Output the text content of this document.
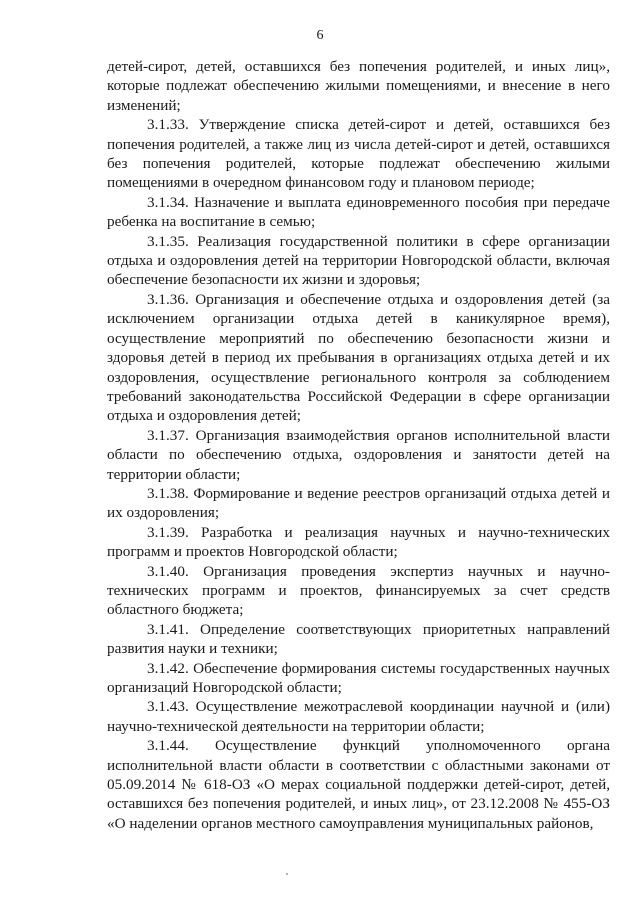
6

детей-сирот, детей, оставшихся без попечения родителей, и иных лиц», которые подлежат обеспечению жилыми помещениями, и внесение в него изменений;

3.1.33. Утверждение списка детей-сирот и детей, оставшихся без попечения родителей, а также лиц из числа детей-сирот и детей, оставшихся без попечения родителей, которые подлежат обеспечению жилыми помещениями в очередном финансовом году и плановом периоде;

3.1.34. Назначение и выплата единовременного пособия при передаче ребенка на воспитание в семью;

3.1.35. Реализация государственной политики в сфере организации отдыха и оздоровления детей на территории Новгородской области, включая обеспечение безопасности их жизни и здоровья;

3.1.36. Организация и обеспечение отдыха и оздоровления детей (за исключением организации отдыха детей в каникулярное время), осуществление мероприятий по обеспечению безопасности жизни и здоровья детей в период их пребывания в организациях отдыха детей и их оздоровления, осуществление регионального контроля за соблюдением требований законодательства Российской Федерации в сфере организации отдыха и оздоровления детей;

3.1.37. Организация взаимодействия органов исполнительной власти области по обеспечению отдыха, оздоровления и занятости детей на территории области;

3.1.38. Формирование и ведение реестров организаций отдыха детей и их оздоровления;

3.1.39. Разработка и реализация научных и научно-технических программ и проектов Новгородской области;

3.1.40. Организация проведения экспертиз научных и научно-технических программ и проектов, финансируемых за счет средств областного бюджета;

3.1.41. Определение соответствующих приоритетных направлений развития науки и техники;

3.1.42. Обеспечение формирования системы государственных научных организаций Новгородской области;

3.1.43. Осуществление межотраслевой координации научной и (или) научно-технической деятельности на территории области;

3.1.44. Осуществление функций уполномоченного органа исполнительной власти области в соответствии с областными законами от 05.09.2014 № 618-ОЗ «О мерах социальной поддержки детей-сирот, детей, оставшихся без попечения родителей, и иных лиц», от 23.12.2008 № 455-ОЗ «О наделении органов местного самоуправления муниципальных районов,
